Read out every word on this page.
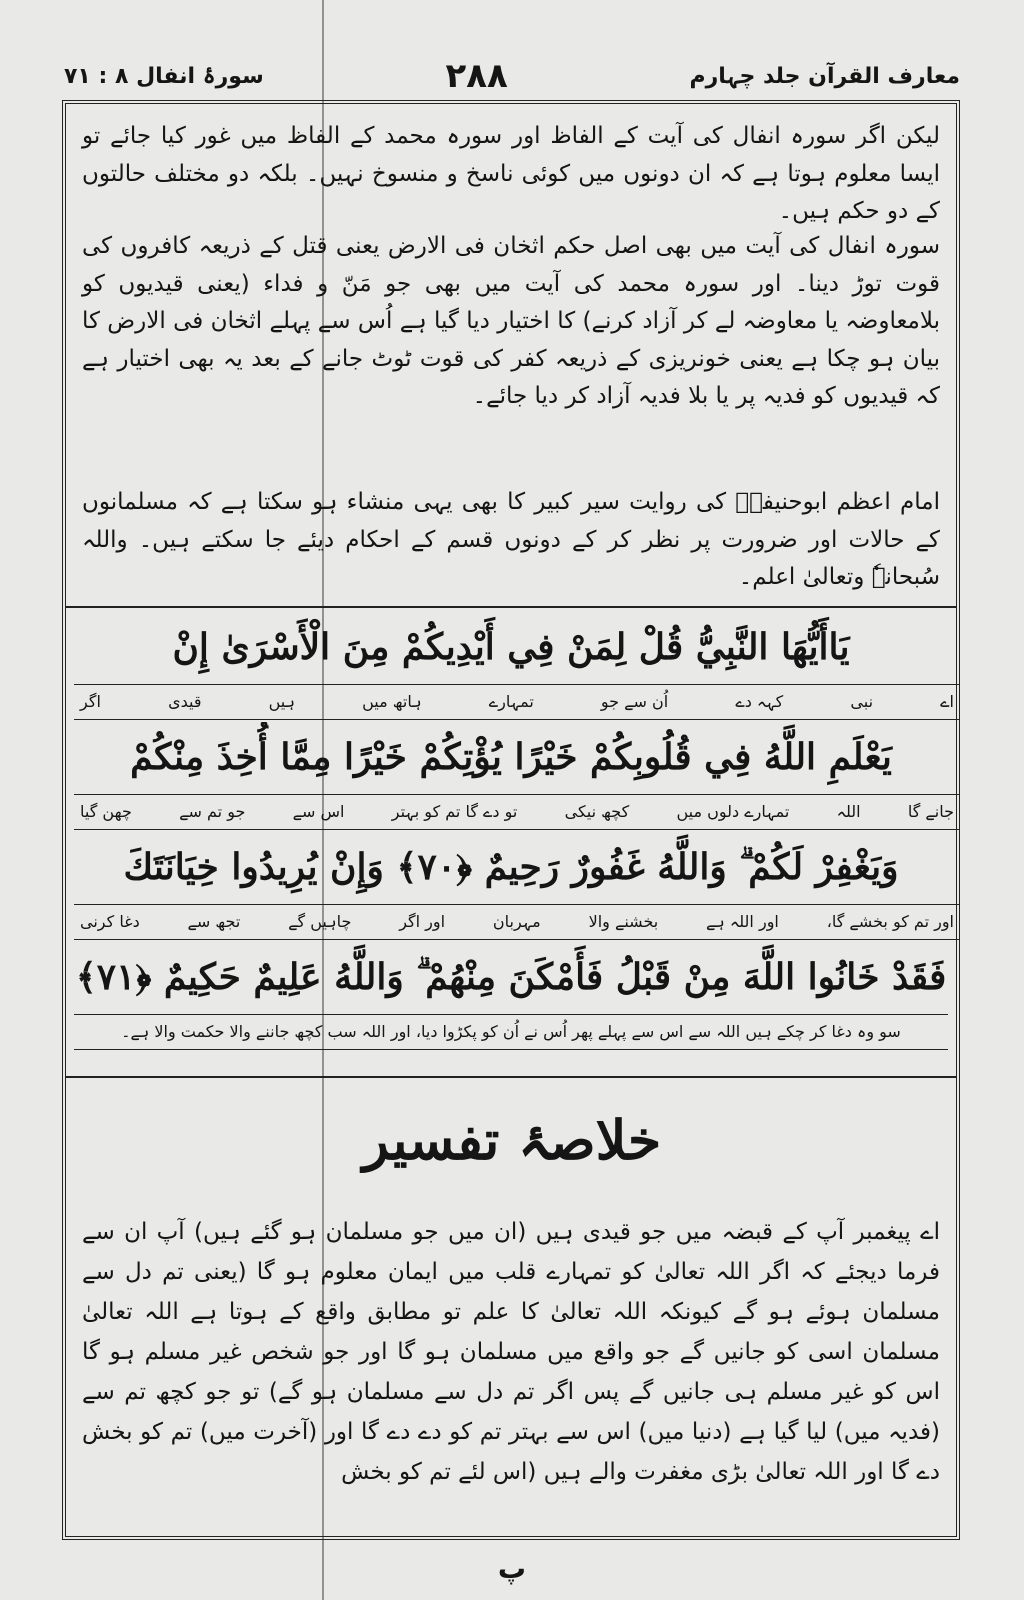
معارف القرآن جلد چہارم
۲۸۸
سورۂ انفال ۸ : ۷۱
لیکن اگر سورہ انفال کی آیت کے الفاظ اور سورہ محمد کے الفاظ میں غور کیا جائے تو ایسا معلوم ہوتا ہے کہ ان دونوں میں کوئی ناسخ و منسوخ نہیں۔ بلکہ دو مختلف حالتوں کے دو حکم ہیں۔
سورہ انفال کی آیت میں بھی اصل حکم اثخان فی الارض یعنی قتل کے ذریعہ کافروں کی قوت توڑ دینا۔ اور سورہ محمد کی آیت میں بھی جو مَنّ و فداء (یعنی قیدیوں کو بلامعاوضہ یا معاوضہ لے کر آزاد کرنے) کا اختیار دیا گیا ہے اُس سے پہلے اثخان فی الارض کا بیان ہو چکا ہے یعنی خونریزی کے ذریعہ کفر کی قوت ٹوٹ جانے کے بعد یہ بھی اختیار ہے کہ قیدیوں کو فدیہ پر یا بلا فدیہ آزاد کر دیا جائے۔
امام اعظم ابوحنیفہؒ کی روایت سیر کبیر کا بھی یہی منشاء ہو سکتا ہے کہ مسلمانوں کے حالات اور ضرورت پر نظر کر کے دونوں قسم کے احکام دیئے جا سکتے ہیں۔ واللہ سُبحانہٗ وتعالیٰ اعلم۔
يَاأَيُّهَا النَّبِيُّ قُلْ لِمَنْ فِي أَيْدِيكُمْ مِنَ الْأَسْرَىٰ إِنْ
اے
نبی
کہہ دے
اُن سے جو
تمہارے
ہاتھ میں
ہیں
قیدی
اگر
يَعْلَمِ اللَّهُ فِي قُلُوبِكُمْ خَيْرًا يُؤْتِكُمْ خَيْرًا مِمَّا أُخِذَ مِنْكُمْ
جانے گا
اللہ
تمہارے دلوں میں
کچھ نیکی
تو دے گا تم کو بہتر
اس سے
جو تم سے
چھن گیا
وَيَغْفِرْ لَكُمْ ۗ وَاللَّهُ غَفُورٌ رَحِيمٌ ﴿٧٠﴾ وَإِنْ يُرِيدُوا خِيَانَتَكَ
اور تم کو بخشے گا،
اور اللہ ہے
بخشنے والا
مہربان
اور اگر
چاہیں گے
تجھ سے
دغا کرنی
فَقَدْ خَانُوا اللَّهَ مِنْ قَبْلُ فَأَمْكَنَ مِنْهُمْ ۗ وَاللَّهُ عَلِيمٌ حَكِيمٌ ﴿٧١﴾
سو وہ دغا کر چکے ہیں اللہ سے اس سے پہلے پھر اُس نے اُن کو پکڑوا دیا، اور اللہ سب کچھ جاننے والا حکمت والا ہے۔
خلاصۂ تفسیر
اے پیغمبر آپ کے قبضہ میں جو قیدی ہیں (ان میں جو مسلمان ہو گئے ہیں) آپ ان سے فرما دیجئے کہ اگر اللہ تعالیٰ کو تمہارے قلب میں ایمان معلوم ہو گا (یعنی تم دل سے مسلمان ہوئے ہو گے کیونکہ اللہ تعالیٰ کا علم تو مطابق واقع کے ہوتا ہے اللہ تعالیٰ مسلمان اسی کو جانیں گے جو واقع میں مسلمان ہو گا اور جو شخص غیر مسلم ہو گا اس کو غیر مسلم ہی جانیں گے پس اگر تم دل سے مسلمان ہو گے) تو جو کچھ تم سے (فدیہ میں) لیا گیا ہے (دنیا میں) اس سے بہتر تم کو دے دے گا اور (آخرت میں) تم کو بخش دے گا اور اللہ تعالیٰ بڑی مغفرت والے ہیں (اس لئے تم کو بخش
پ
